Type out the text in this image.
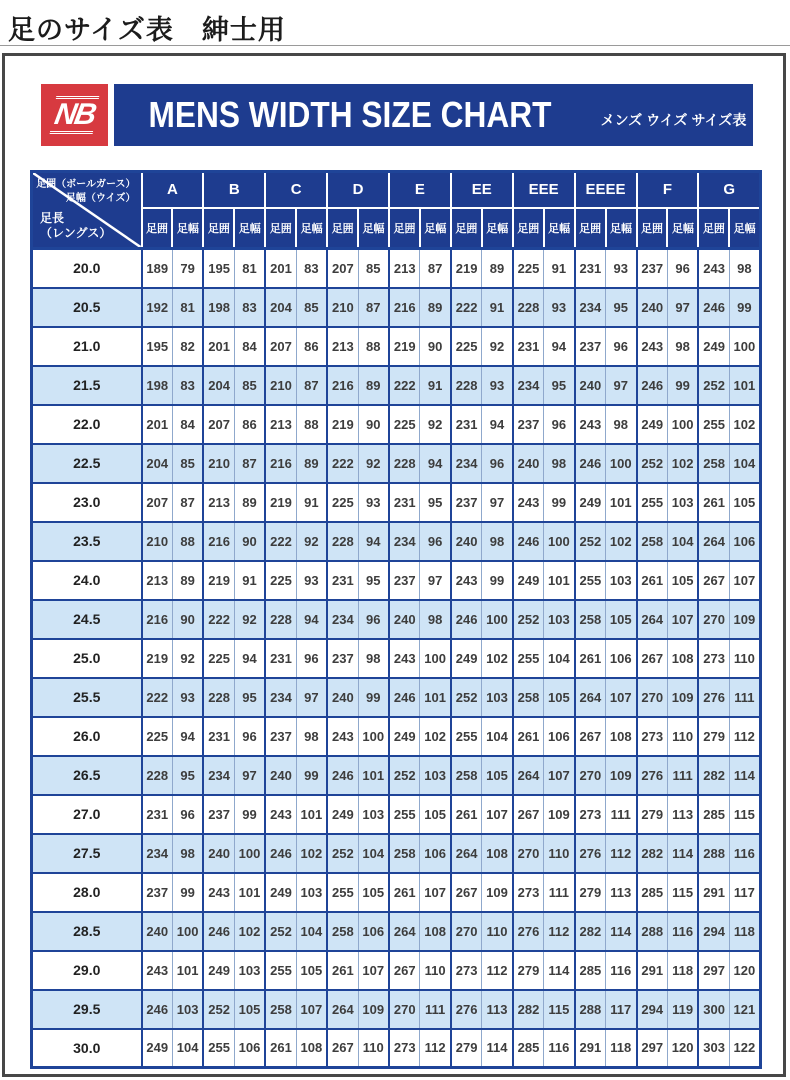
足のサイズ表　紳士用
NB MENS WIDTH SIZE CHART	メンズ ウイズ サイズ表
足囲（ボールガース）
足幅（ウイズ）
足長
（レングス）	A		B		C		D		E		EE		EEE		EEEE		F		G	
	足囲	足幅	足囲	足幅	足囲	足幅	足囲	足幅	足囲	足幅	足囲	足幅	足囲	足幅	足囲	足幅	足囲	足幅	足囲	足幅
20.0	189	79	195	81	201	83	207	85	213	87	219	89	225	91	231	93	237	96	243	98
20.5	192	81	198	83	204	85	210	87	216	89	222	91	228	93	234	95	240	97	246	99
21.0	195	82	201	84	207	86	213	88	219	90	225	92	231	94	237	96	243	98	249	100
21.5	198	83	204	85	210	87	216	89	222	91	228	93	234	95	240	97	246	99	252	101
22.0	201	84	207	86	213	88	219	90	225	92	231	94	237	96	243	98	249	100	255	102
22.5	204	85	210	87	216	89	222	92	228	94	234	96	240	98	246	100	252	102	258	104
23.0	207	87	213	89	219	91	225	93	231	95	237	97	243	99	249	101	255	103	261	105
23.5	210	88	216	90	222	92	228	94	234	96	240	98	246	100	252	102	258	104	264	106
24.0	213	89	219	91	225	93	231	95	237	97	243	99	249	101	255	103	261	105	267	107
24.5	216	90	222	92	228	94	234	96	240	98	246	100	252	103	258	105	264	107	270	109
25.0	219	92	225	94	231	96	237	98	243	100	249	102	255	104	261	106	267	108	273	110
25.5	222	93	228	95	234	97	240	99	246	101	252	103	258	105	264	107	270	109	276	111
26.0	225	94	231	96	237	98	243	100	249	102	255	104	261	106	267	108	273	110	279	112
26.5	228	95	234	97	240	99	246	101	252	103	258	105	264	107	270	109	276	111	282	114
27.0	231	96	237	99	243	101	249	103	255	105	261	107	267	109	273	111	279	113	285	115
27.5	234	98	240	100	246	102	252	104	258	106	264	108	270	110	276	112	282	114	288	116
28.0	237	99	243	101	249	103	255	105	261	107	267	109	273	111	279	113	285	115	291	117
28.5	240	100	246	102	252	104	258	106	264	108	270	110	276	112	282	114	288	116	294	118
29.0	243	101	249	103	255	105	261	107	267	110	273	112	279	114	285	116	291	118	297	120
29.5	246	103	252	105	258	107	264	109	270	111	276	113	282	115	288	117	294	119	300	121
30.0	249	104	255	106	261	108	267	110	273	112	279	114	285	116	291	118	297	120	303	122
